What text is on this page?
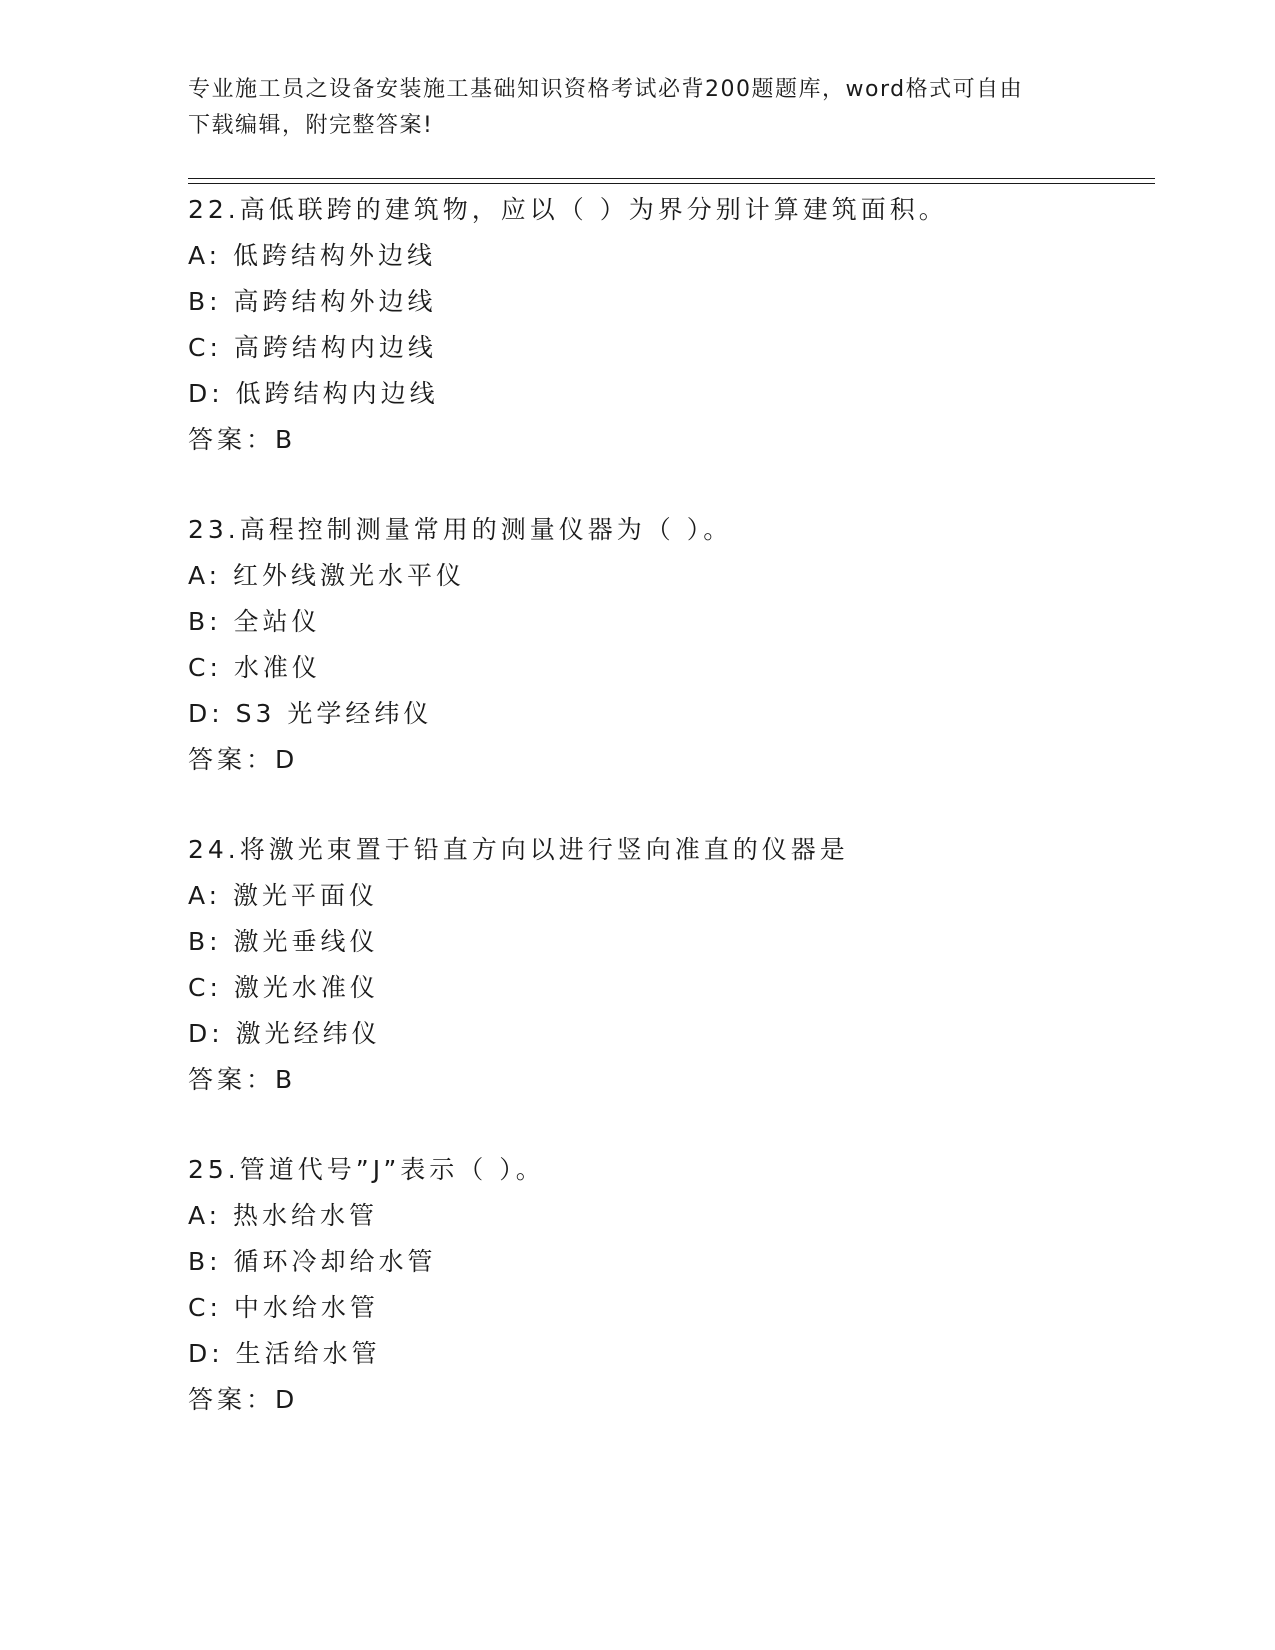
专业施工员之设备安装施工基础知识资格考试必背200题题库，word格式可自由
下载编辑，附完整答案!
22.高低联跨的建筑物，应以（ ）为界分别计算建筑面积。
A: 低跨结构外边线
B: 高跨结构外边线
C: 高跨结构内边线
D: 低跨结构内边线
答案：B
23.高程控制测量常用的测量仪器为（ ）。
A: 红外线激光水平仪
B: 全站仪
C: 水准仪
D: S3 光学经纬仪
答案：D
24.将激光束置于铅直方向以进行竖向准直的仪器是
A: 激光平面仪
B: 激光垂线仪
C: 激光水准仪
D: 激光经纬仪
答案：B
25.管道代号”J”表示（ ）。
A: 热水给水管
B: 循环冷却给水管
C: 中水给水管
D: 生活给水管
答案：D
